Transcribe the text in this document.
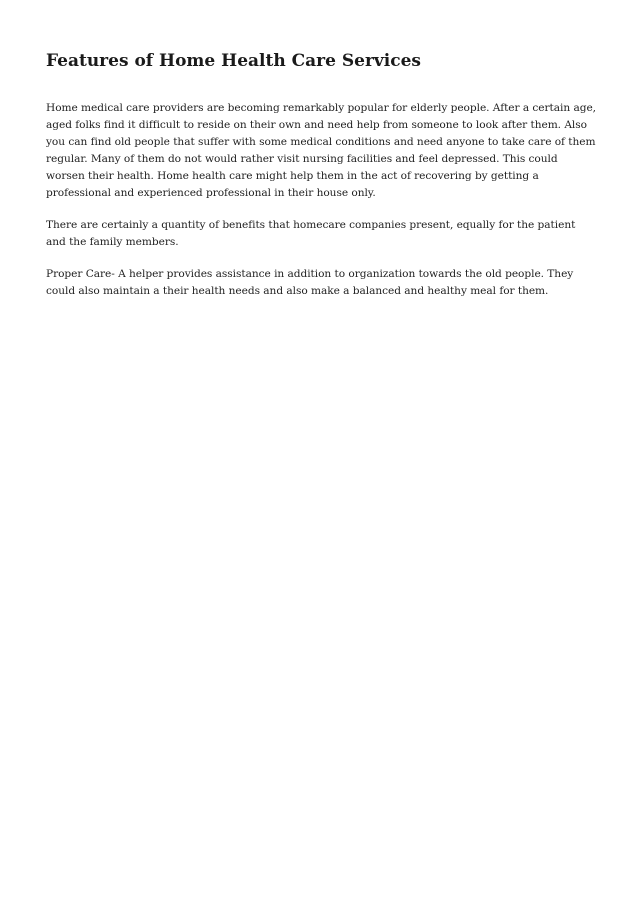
Features of Home Health Care Services

Home medical care providers are becoming remarkably popular for elderly people. After a certain age, aged folks find it difficult to reside on their own and need help from someone to look after them. Also you can find old people that suffer with some medical conditions and need anyone to take care of them regular. Many of them do not would rather visit nursing facilities and feel depressed. This could worsen their health. Home health care might help them in the act of recovering by getting a professional and experienced professional in their house only.

There are certainly a quantity of benefits that homecare companies present, equally for the patient and the family members.

Proper Care- A helper provides assistance in addition to organization towards the old people. They could also maintain a their health needs and also make a balanced and healthy meal for them.
